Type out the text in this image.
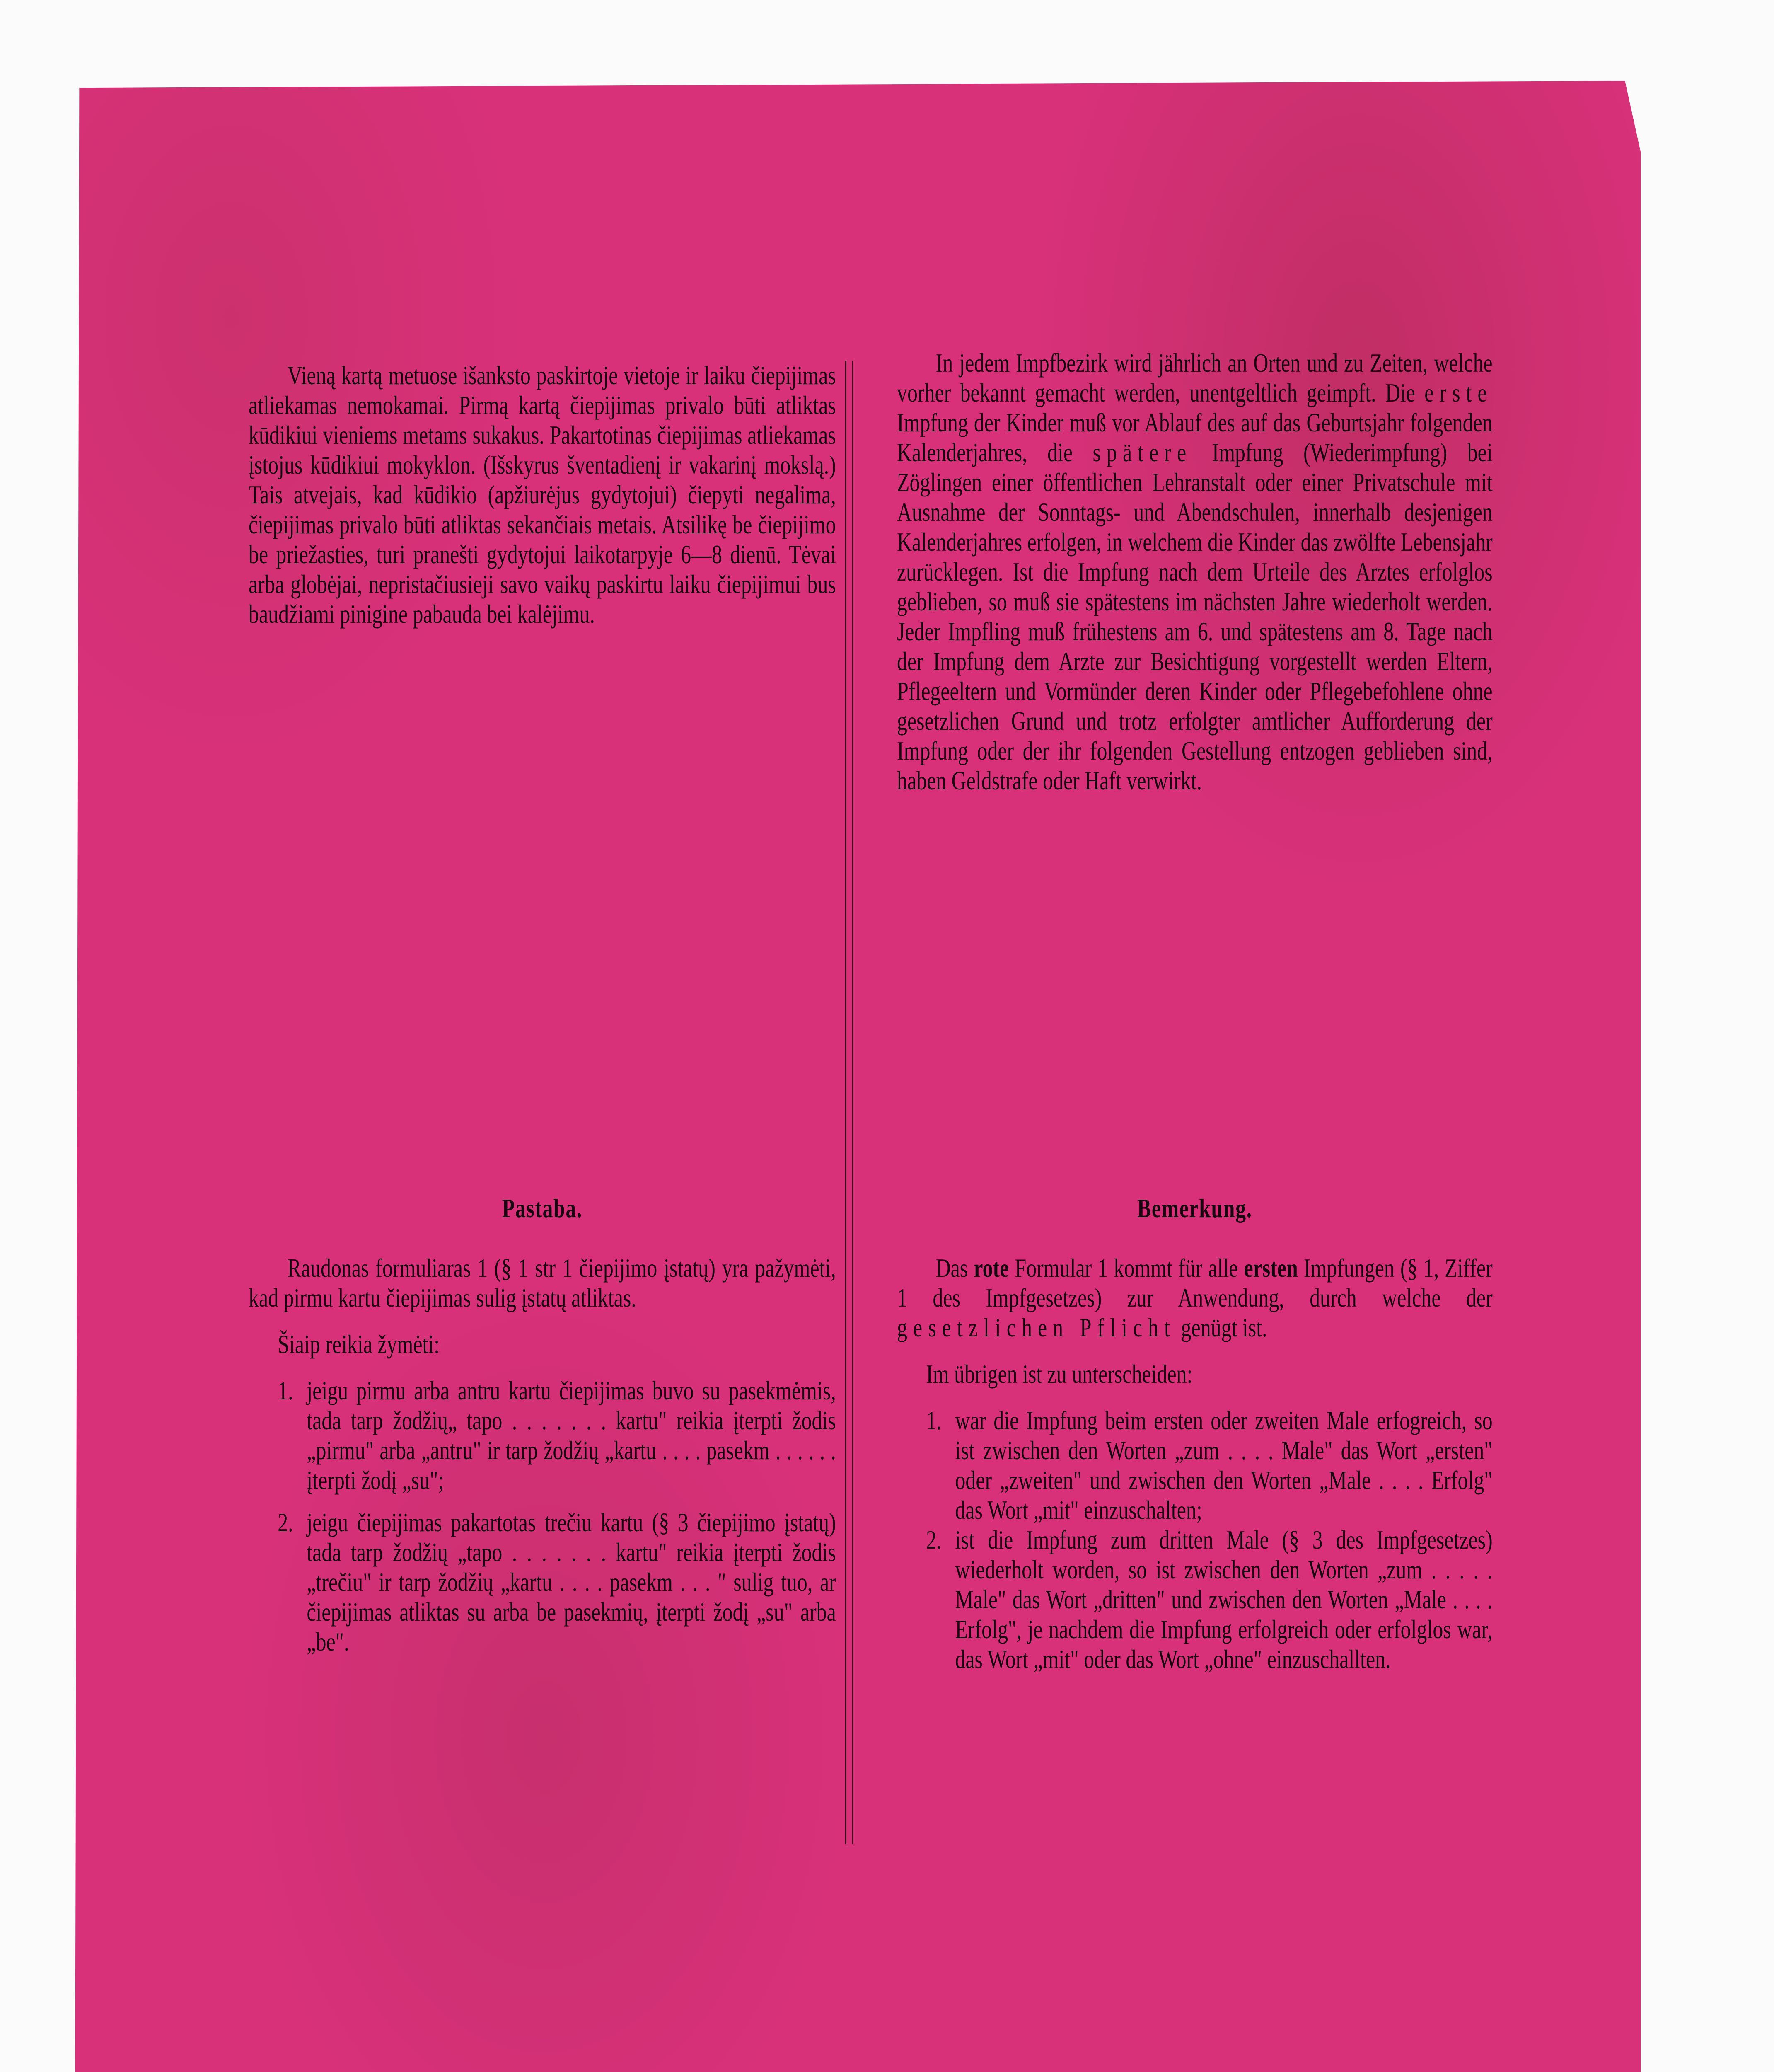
Vieną kartą metuose išanksto paskirtoje vietoje ir laiku čiepijimas atliekamas nemokamai. Pirmą kartą čiepijimas privalo būti atliktas kūdikiui vieniems metams sukakus. Pakartotinas čiepijimas atliekamas įstojus kūdikiui mokyklon. (Išskyrus šventadienį ir vakarinį mokslą.) Tais atvejais, kad kūdikio (apžiurėjus gydytojui) čiepyti negalima, čiepijimas privalo būti atliktas sekančiais metais. Atsilikę be čiepijimo be priežasties, turi pranešti gydytojui laikotarpyje 6—8 dienū. Tėvai arba globėjai, nepristačiusieji savo vaikų paskirtu laiku čiepijimui bus baudžiami pinigine pabauda bei kalėjimu.

Pastaba.

Raudonas formuliaras 1 (§ 1 str 1 čiepijimo įstatų) yra pažymėti, kad pirmu kartu čiepijimas sulig įstatų atliktas.

Šiaip reikia žymėti:

1. jeigu pirmu arba antru kartu čiepijimas buvo su pasekmėmis, tada tarp žodžių„ tapo . . . . . . . kartu" reikia įterpti žodis „pirmu" arba „antru" ir tarp žodžių „kartu . . . . pasekm . . . . . . įterpti žodį „su";
2. jeigu čiepijimas pakartotas trečiu kartu (§ 3 čiepijimo įstatų) tada tarp žodžių „tapo . . . . . . . kartu" reikia įterpti žodis „trečiu" ir tarp žodžių „kartu . . . . pasekm . . . " sulig tuo, ar čiepijimas atliktas su arba be pasekmių, įterpti žodį „su" arba „be".

In jedem Impfbezirk wird jährlich an Orten und zu Zeiten, welche vorher bekannt gemacht werden, unentgeltlich geimpft. Die erste Impfung der Kinder muß vor Ablauf des auf das Geburtsjahr folgenden Kalenderjahres, die spätere Impfung (Wiederimpfung) bei Zöglingen einer öffentlichen Lehranstalt oder einer Privatschule mit Ausnahme der Sonntags- und Abendschulen, innerhalb desjenigen Kalenderjahres erfolgen, in welchem die Kinder das zwölfte Lebensjahr zurücklegen. Ist die Impfung nach dem Urteile des Arztes erfolglos geblieben, so muß sie spätestens im nächsten Jahre wiederholt werden. Jeder Impfling muß frühestens am 6. und spätestens am 8. Tage nach der Impfung dem Arzte zur Besichtigung vorgestellt werden Eltern, Pflegeeltern und Vormünder deren Kinder oder Pflegebefohlene ohne gesetzlichen Grund und trotz erfolgter amtlicher Aufforderung der Impfung oder der ihr folgenden Gestellung entzogen geblieben sind, haben Geldstrafe oder Haft verwirkt.

Bemerkung.

Das rote Formular 1 kommt für alle ersten Impfungen (§ 1, Ziffer 1 des Impfgesetzes) zur Anwendung, durch welche der gesetzlichen Pflicht genügt ist.

Im übrigen ist zu unterscheiden:

1. war die Impfung beim ersten oder zweiten Male erfogreich, so ist zwischen den Worten „zum . . . . Male" das Wort „ersten" oder „zweiten" und zwischen den Worten „Male . . . . Erfolg" das Wort „mit" einzuschalten;
2. ist die Impfung zum dritten Male (§ 3 des Impfgesetzes) wiederholt worden, so ist zwischen den Worten „zum . . . . . Male" das Wort „dritten" und zwischen den Worten „Male . . . . Erfolg", je nachdem die Impfung erfolgreich oder erfolglos war, das Wort „mit" oder das Wort „ohne" einzuschallten.
